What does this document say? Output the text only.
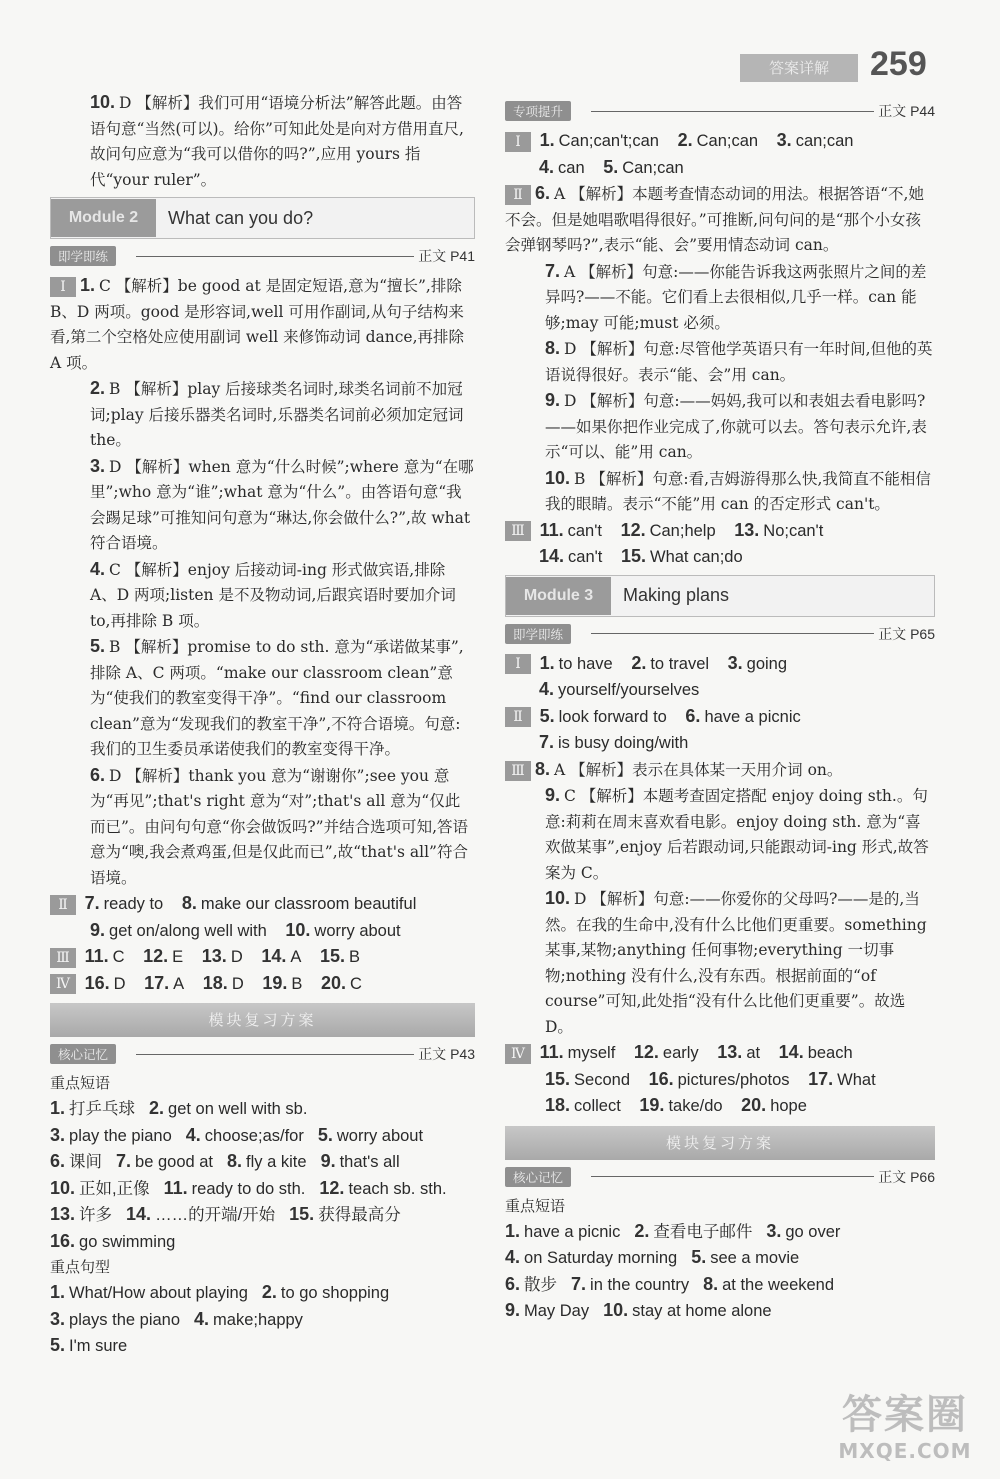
答案详解	259

10. D 【解析】我们可用“语境分析法”解答此题。由答语句意“当然(可以)。给你”可知此处是向对方借用直尺,故问句应意为“我可以借你的吗?”,应用 yours 指代“your ruler”。

Module 2	What can you do?
即学即练	正文 P41

Ⅰ 1. C 【解析】be good at 是固定短语,意为“擅长”,排除 B、D 两项。good 是形容词,well 可用作副词,从句子结构来看,第二个空格处应使用副词 well 来修饰动词 dance,再排除 A 项。

2. B 【解析】play 后接球类名词时,球类名词前不加冠词;play 后接乐器类名词时,乐器类名词前必须加定冠词 the。

3. D 【解析】when 意为“什么时候”;where 意为“在哪里”;who 意为“谁”;what 意为“什么”。由答语句意“我会踢足球”可推知问句意为“琳达,你会做什么?”,故 what 符合语境。

4. C 【解析】enjoy 后接动词-ing 形式做宾语,排除 A、D 两项;listen 是不及物动词,后跟宾语时要加介词 to,再排除 B 项。

5. B 【解析】promise to do sth. 意为“承诺做某事”,排除 A、C 两项。“make our classroom clean”意为“使我们的教室变得干净”。“find our classroom clean”意为“发现我们的教室干净”,不符合语境。句意:我们的卫生委员承诺使我们的教室变得干净。

6. D 【解析】thank you 意为“谢谢你”;see you 意为“再见”;that's right 意为“对”;that's all 意为“仅此而已”。由问句句意“你会做饭吗?”并结合选项可知,答语意为“噢,我会煮鸡蛋,但是仅此而已”,故“that's all”符合语境。

Ⅱ 7. ready to 8. make our classroom beautiful

9. get on/along well with 10. worry about

Ⅲ 11. C 12. E 13. D 14. A 15. B

Ⅳ 16. D 17. A 18. D 19. B 20. C

模块复习方案
核心记忆	正文 P43

重点短语

1. 打乒乓球 2. get on well with sb.

3. play the piano 4. choose;as/for 5. worry about

6. 课间 7. be good at 8. fly a kite 9. that's all

10. 正如,正像 11. ready to do sth. 12. teach sb. sth.

13. 许多 14. ……的开端/开始 15. 获得最高分

16. go swimming

重点句型

1. What/How about playing 2. to go shopping

3. plays the piano 4. make;happy

5. I'm sure

专项提升	正文 P44

Ⅰ 1. Can;can't;can 2. Can;can 3. can;can

4. can 5. Can;can

Ⅱ 6. A 【解析】本题考查情态动词的用法。根据答语“不,她不会。但是她唱歌唱得很好。”可推断,问句问的是“那个小女孩会弹钢琴吗?”,表示“能、会”要用情态动词 can。

7. A 【解析】句意:——你能告诉我这两张照片之间的差异吗?——不能。它们看上去很相似,几乎一样。can 能够;may 可能;must 必须。

8. D 【解析】句意:尽管他学英语只有一年时间,但他的英语说得很好。表示“能、会”用 can。

9. D 【解析】句意:——妈妈,我可以和表姐去看电影吗?——如果你把作业完成了,你就可以去。答句表示允许,表示“可以、能”用 can。

10. B 【解析】句意:看,吉姆游得那么快,我简直不能相信我的眼睛。表示“不能”用 can 的否定形式 can't。

Ⅲ 11. can't 12. Can;help 13. No;can't

14. can't 15. What can;do

Module 3	Making plans
即学即练	正文 P65

Ⅰ 1. to have 2. to travel 3. going

4. yourself/yourselves

Ⅱ 5. look forward to 6. have a picnic

7. is busy doing/with

Ⅲ 8. A 【解析】表示在具体某一天用介词 on。

9. C 【解析】本题考查固定搭配 enjoy doing sth.。句意:莉莉在周末喜欢看电影。enjoy doing sth. 意为“喜欢做某事”,enjoy 后若跟动词,只能跟动词-ing 形式,故答案为 C。

10. D 【解析】句意:——你爱你的父母吗?——是的,当然。在我的生命中,没有什么比他们更重要。something 某事,某物;anything 任何事物;everything 一切事物;nothing 没有什么,没有东西。根据前面的“of course”可知,此处指“没有什么比他们更重要”。故选 D。

Ⅳ 11. myself 12. early 13. at 14. beach

15. Second 16. pictures/photos 17. What

18. collect 19. take/do 20. hope

模块复习方案
核心记忆	正文 P66

重点短语

1. have a picnic 2. 查看电子邮件 3. go over

4. on Saturday morning 5. see a movie

6. 散步 7. in the country 8. at the weekend

9. May Day 10. stay at home alone

答案圈
MXQE.COM
